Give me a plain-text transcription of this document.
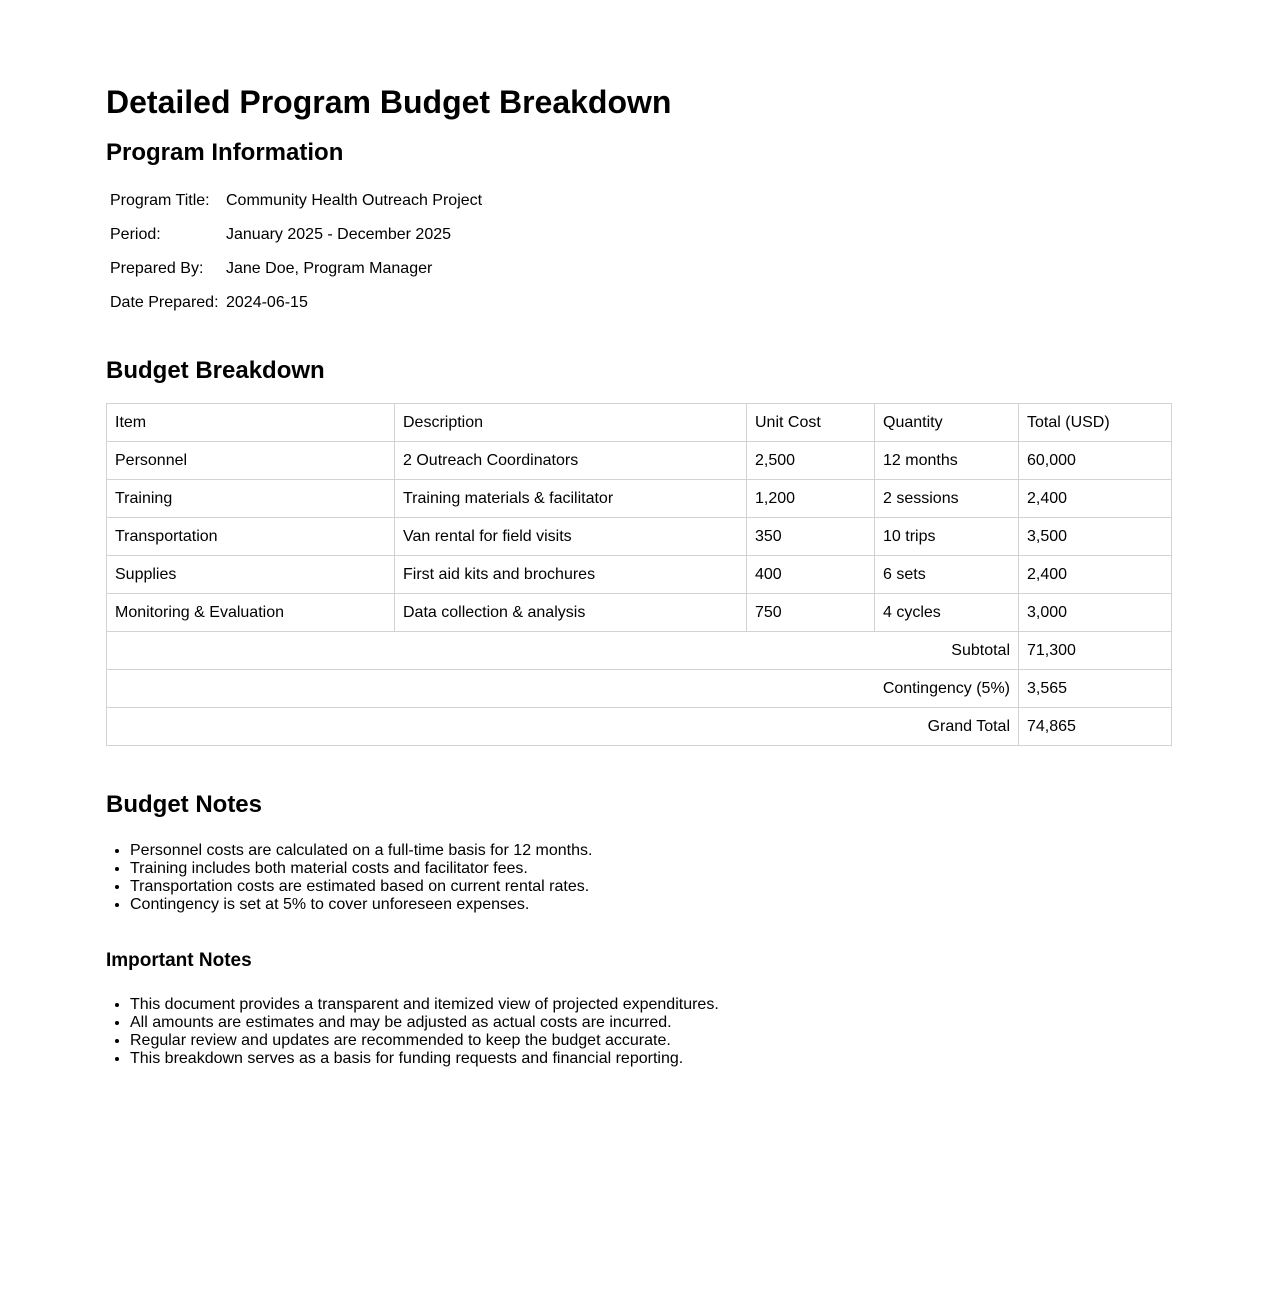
Detailed Program Budget Breakdown
Program Information
Program Title:	Community Health Outreach Project
Period:	January 2025 - December 2025
Prepared By:	Jane Doe, Program Manager
Date Prepared:	2024-06-15
Budget Breakdown
Item	Description	Unit Cost	Quantity	Total (USD)
Personnel	2 Outreach Coordinators	2,500	12 months	60,000
Training	Training materials & facilitator	1,200	2 sessions	2,400
Transportation	Van rental for field visits	350	10 trips	3,500
Supplies	First aid kits and brochures	400	6 sets	2,400
Monitoring & Evaluation	Data collection & analysis	750	4 cycles	3,000
Subtotal				71,300
Contingency (5%)				3,565
Grand Total				74,865
Budget Notes
• Personnel costs are calculated on a full-time basis for 12 months.
• Training includes both material costs and facilitator fees.
• Transportation costs are estimated based on current rental rates.
• Contingency is set at 5% to cover unforeseen expenses.
Important Notes
• This document provides a transparent and itemized view of projected expenditures.
• All amounts are estimates and may be adjusted as actual costs are incurred.
• Regular review and updates are recommended to keep the budget accurate.
• This breakdown serves as a basis for funding requests and financial reporting.
